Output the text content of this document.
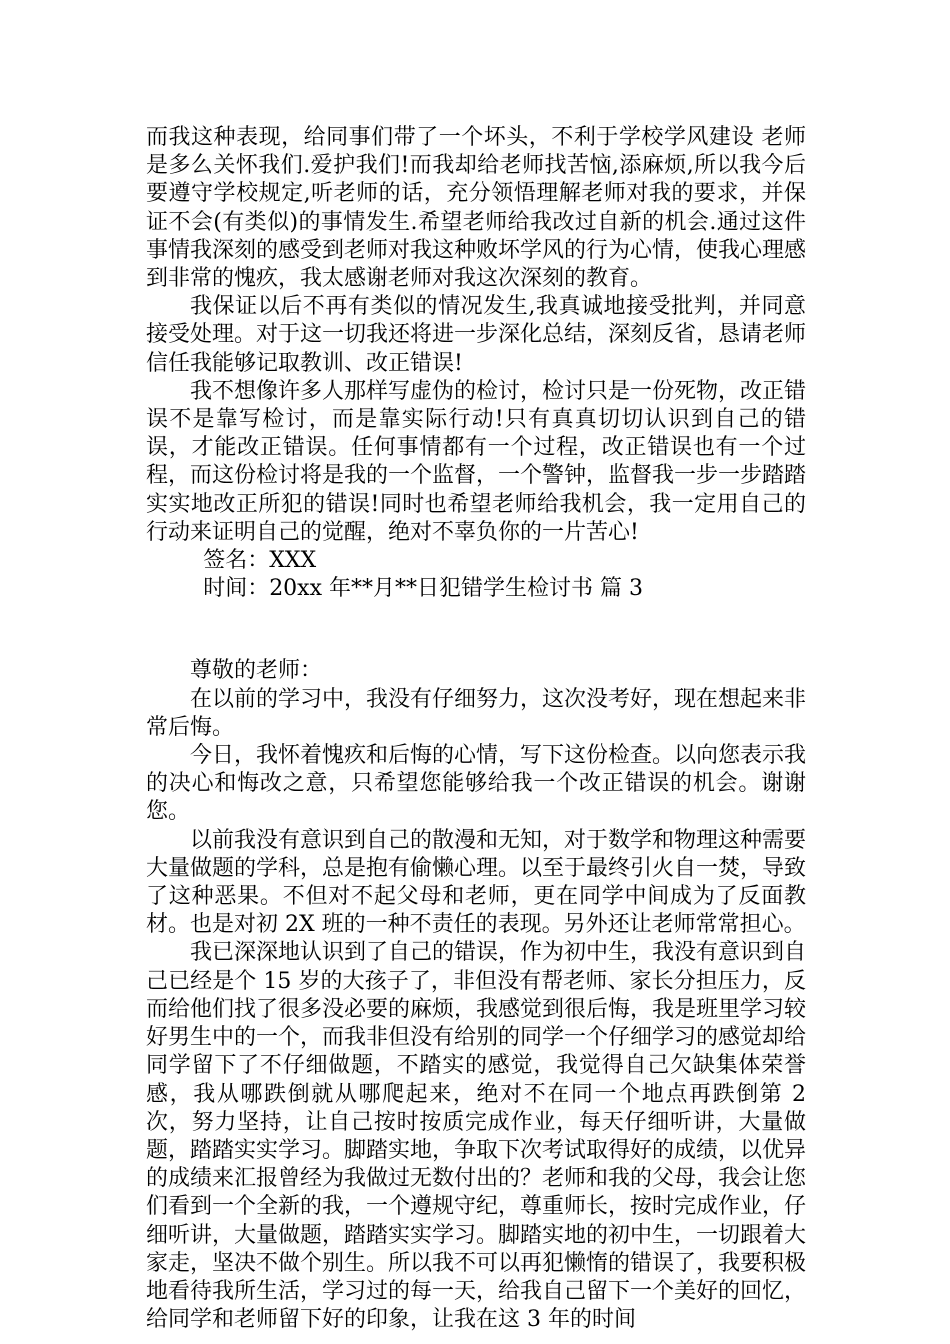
而我这种表现，给同事们带了一个坏头，不利于学校学风建设 老师是多么关怀我们.爱护我们!而我却给老师找苦恼,添麻烦,所以我今后要遵守学校规定,听老师的话，充分领悟理解老师对我的要求，并保证不会(有类似)的事情发生.希望老师给我改过自新的机会.通过这件事情我深刻的感受到老师对我这种败坏学风的行为心情，使我心理感到非常的愧疚，我太感谢老师对我这次深刻的教育。

我保证以后不再有类似的情况发生,我真诚地接受批判，并同意接受处理。对于这一切我还将进一步深化总结，深刻反省，恳请老师信任我能够记取教训、改正错误!

我不想像许多人那样写虚伪的检讨，检讨只是一份死物，改正错误不是靠写检讨，而是靠实际行动!只有真真切切认识到自己的错误，才能改正错误。任何事情都有一个过程，改正错误也有一个过程，而这份检讨将是我的一个监督，一个警钟，监督我一步一步踏踏实实地改正所犯的错误!同时也希望老师给我机会，我一定用自己的行动来证明自己的觉醒，绝对不辜负你的一片苦心!

签名：XXX

时间：20xx 年**月**日犯错学生检讨书 篇 3

尊敬的老师：

在以前的学习中，我没有仔细努力，这次没考好，现在想起来非常后悔。

今日，我怀着愧疚和后悔的心情，写下这份检查。以向您表示我的决心和悔改之意，只希望您能够给我一个改正错误的机会。谢谢您。

以前我没有意识到自己的散漫和无知，对于数学和物理这种需要大量做题的学科，总是抱有偷懒心理。以至于最终引火自一焚，导致了这种恶果。不但对不起父母和老师，更在同学中间成为了反面教材。也是对初 2X 班的一种不责任的表现。另外还让老师常常担心。

我已深深地认识到了自己的错误，作为初中生，我没有意识到自己已经是个 15 岁的大孩子了，非但没有帮老师、家长分担压力，反而给他们找了很多没必要的麻烦，我感觉到很后悔，我是班里学习较好男生中的一个，而我非但没有给别的同学一个仔细学习的感觉却给同学留下了不仔细做题，不踏实的感觉，我觉得自己欠缺集体荣誉感，我从哪跌倒就从哪爬起来，绝对不在同一个地点再跌倒第 2 次，努力坚持，让自己按时按质完成作业，每天仔细听讲，大量做题，踏踏实实学习。脚踏实地，争取下次考试取得好的成绩，以优异的成绩来汇报曾经为我做过无数付出的？老师和我的父母，我会让您们看到一个全新的我，一个遵规守纪，尊重师长，按时完成作业，仔细听讲，大量做题，踏踏实实学习。脚踏实地的初中生，一切跟着大家走，坚决不做个别生。所以我不可以再犯懒惰的错误了，我要积极地看待我所生活，学习过的每一天，给我自己留下一个美好的回忆，给同学和老师留下好的印象，让我在这 3 年的时间
